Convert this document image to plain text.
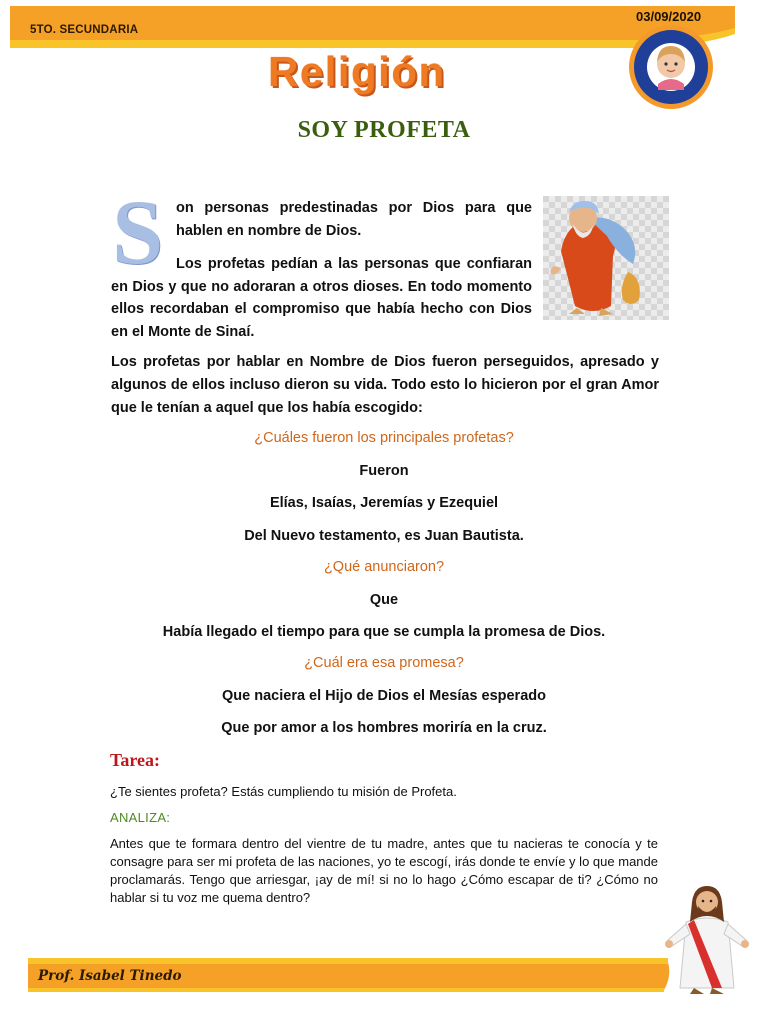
5TO. SECUNDARIA
03/09/2020
Religión
SOY PROFETA
S on personas predestinadas por Dios para que hablen en nombre de Dios.
Los profetas pedían a las personas que confiaran en Dios y que no adoraran a otros dioses. En todo momento ellos recordaban el compromiso que había hecho con Dios en el Monte de Sinaí.
Los profetas por hablar en Nombre de Dios fueron perseguidos, apresado y algunos de ellos incluso dieron su vida. Todo esto lo hicieron por el gran Amor que le tenían a aquel que los había escogido:
¿Cuáles fueron los principales profetas?
Fueron
Elías, Isaías, Jeremías y Ezequiel
Del Nuevo testamento, es Juan Bautista.
¿Qué anunciaron?
Que
Había llegado el tiempo para que se cumpla la promesa de Dios.
¿Cuál era esa promesa?
Que naciera el Hijo de Dios el Mesías esperado
Que por amor a los hombres moriría en la cruz.
Tarea:
¿Te sientes profeta? Estás cumpliendo tu misión de Profeta.
ANALIZA:
Antes que te formara dentro del vientre de tu madre, antes que tu nacieras te conocía y te consagre para ser mi profeta de las naciones, yo te escogí, irás donde te envíe y lo que mande proclamarás. Tengo que arriesgar, ¡ay de mí! si no lo hago ¿Cómo escapar de ti? ¿Cómo no hablar si tu voz me quema dentro?
Prof. Isabel Tinedo
